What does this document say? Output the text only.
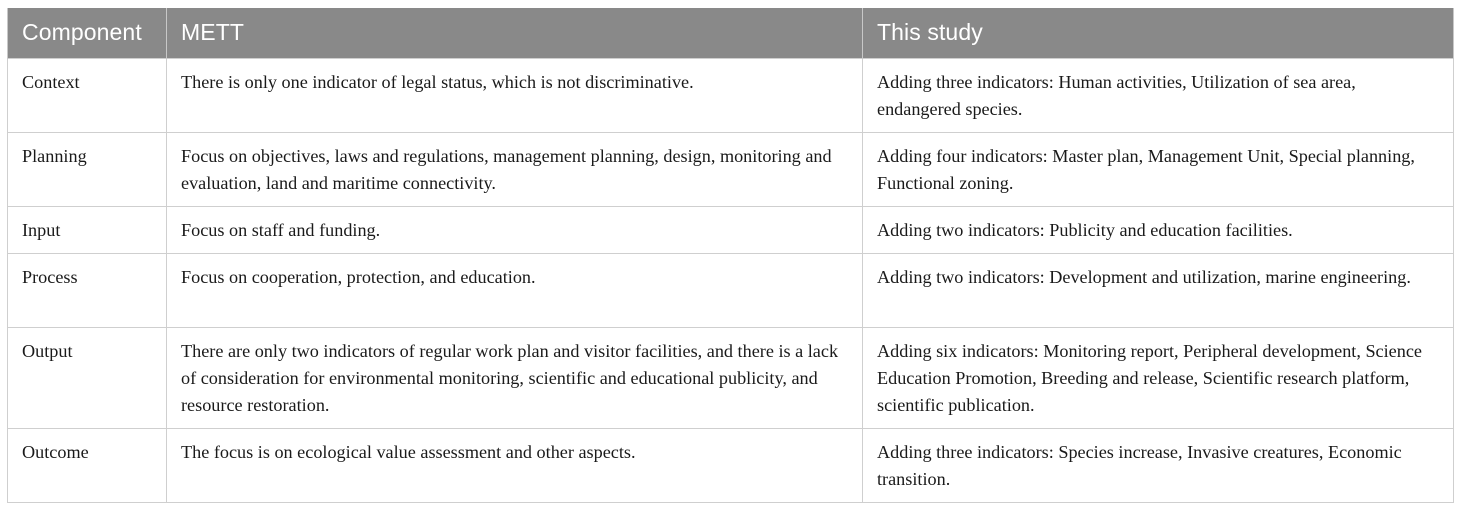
Component	METT	This study
Context	There is only one indicator of legal status, which is not discriminative.	Adding three indicators: Human activities, Utilization of sea area, endangered species.
Planning	Focus on objectives, laws and regulations, management planning, design, monitoring and evaluation, land and maritime connectivity.	Adding four indicators: Master plan, Management Unit, Special planning, Functional zoning.
Input	Focus on staff and funding.	Adding two indicators: Publicity and education facilities.
Process	Focus on cooperation, protection, and education.	Adding two indicators: Development and utilization, marine engineering.
Output	There are only two indicators of regular work plan and visitor facilities, and there is a lack of consideration for environmental monitoring, scientific and educational publicity, and resource restoration.	Adding six indicators: Monitoring report, Peripheral development, Science Education Promotion, Breeding and release, Scientific research platform, scientific publication.
Outcome	The focus is on ecological value assessment and other aspects.	Adding three indicators: Species increase, Invasive creatures, Economic transition.
